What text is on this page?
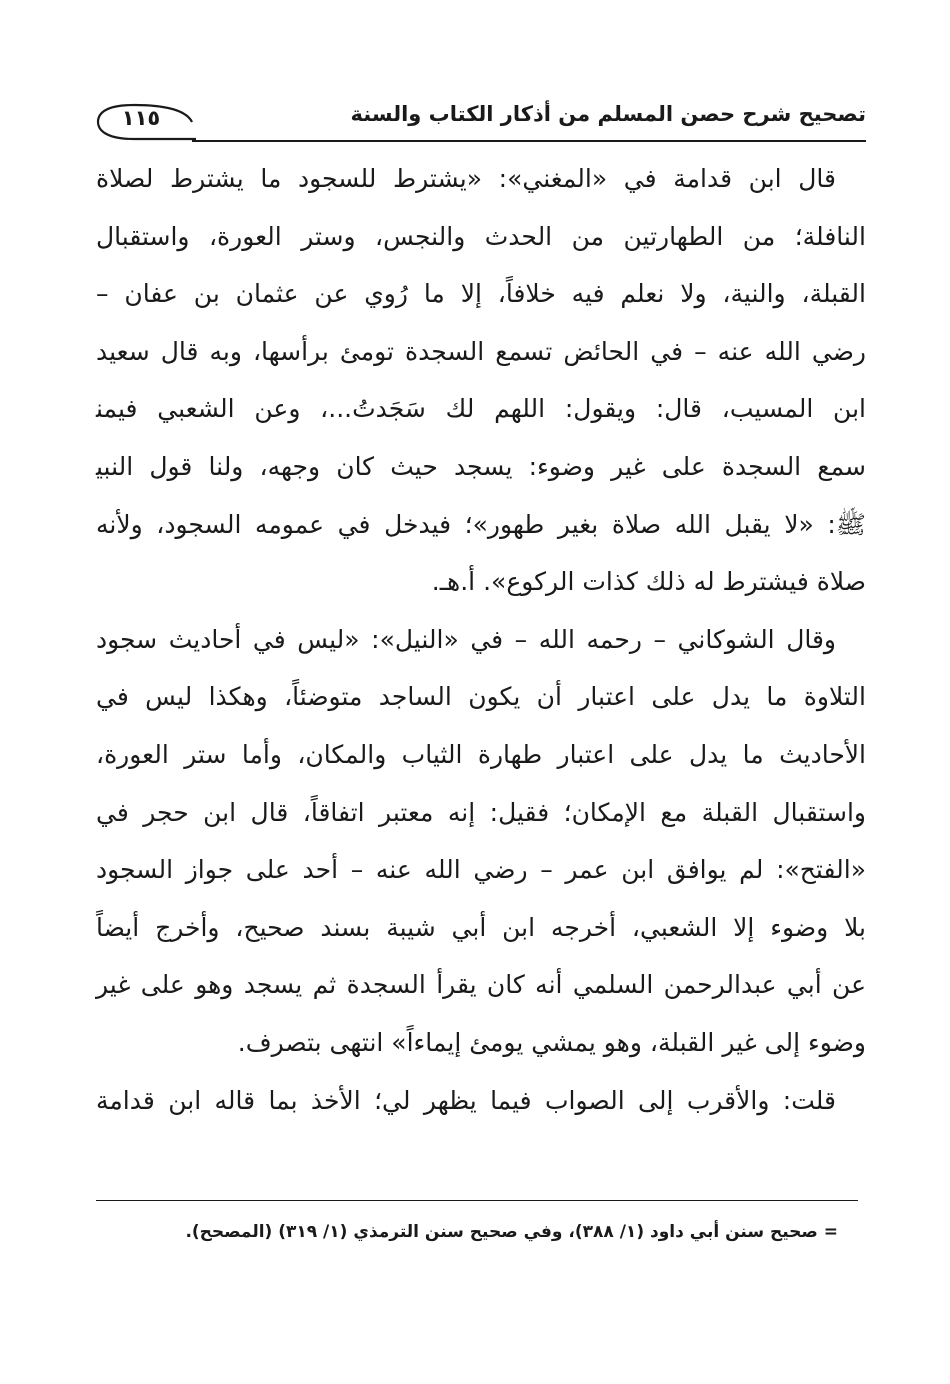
تصحيح شرح حصن المسلم من أذكار الكتاب والسنة
١١٥
قال ابن قدامة في «المغني»: «يشترط للسجود ما يشترط لصلاة
النافلة؛ من الطهارتين من الحدث والنجس، وستر العورة، واستقبال
القبلة، والنية، ولا نعلم فيه خلافاً، إلا ما رُوي عن عثمان بن عفان –
رضي الله عنه – في الحائض تسمع السجدة تومئ برأسها، وبه قال سعيد
ابن المسيب، قال: ويقول: اللهم لك سَجَدتُ...، وعن الشعبي فيمن
سمع السجدة على غير وضوء: يسجد حيث كان وجهه، ولنا قول النبي
ﷺ: «لا يقبل الله صلاة بغير طهور»؛ فيدخل في عمومه السجود، ولأنه
صلاة فيشترط له ذلك كذات الركوع». أ.هـ.
وقال الشوكاني – رحمه الله – في «النيل»: «ليس في أحاديث سجود
التلاوة ما يدل على اعتبار أن يكون الساجد متوضئاً، وهكذا ليس في
الأحاديث ما يدل على اعتبار طهارة الثياب والمكان، وأما ستر العورة،
واستقبال القبلة مع الإمكان؛ فقيل: إنه معتبر اتفاقاً، قال ابن حجر في
«الفتح»: لم يوافق ابن عمر – رضي الله عنه – أحد على جواز السجود
بلا وضوء إلا الشعبي، أخرجه ابن أبي شيبة بسند صحيح، وأخرج أيضاً
عن أبي عبدالرحمن السلمي أنه كان يقرأ السجدة ثم يسجد وهو على غير
وضوء إلى غير القبلة، وهو يمشي يومئ إيماءاً» انتهى بتصرف.
قلت: والأقرب إلى الصواب فيما يظهر لي؛ الأخذ بما قاله ابن قدامة
= صحيح سنن أبي داود (١/ ٣٨٨)، وفي صحيح سنن الترمذي (١/ ٣١٩) (المصحح).
